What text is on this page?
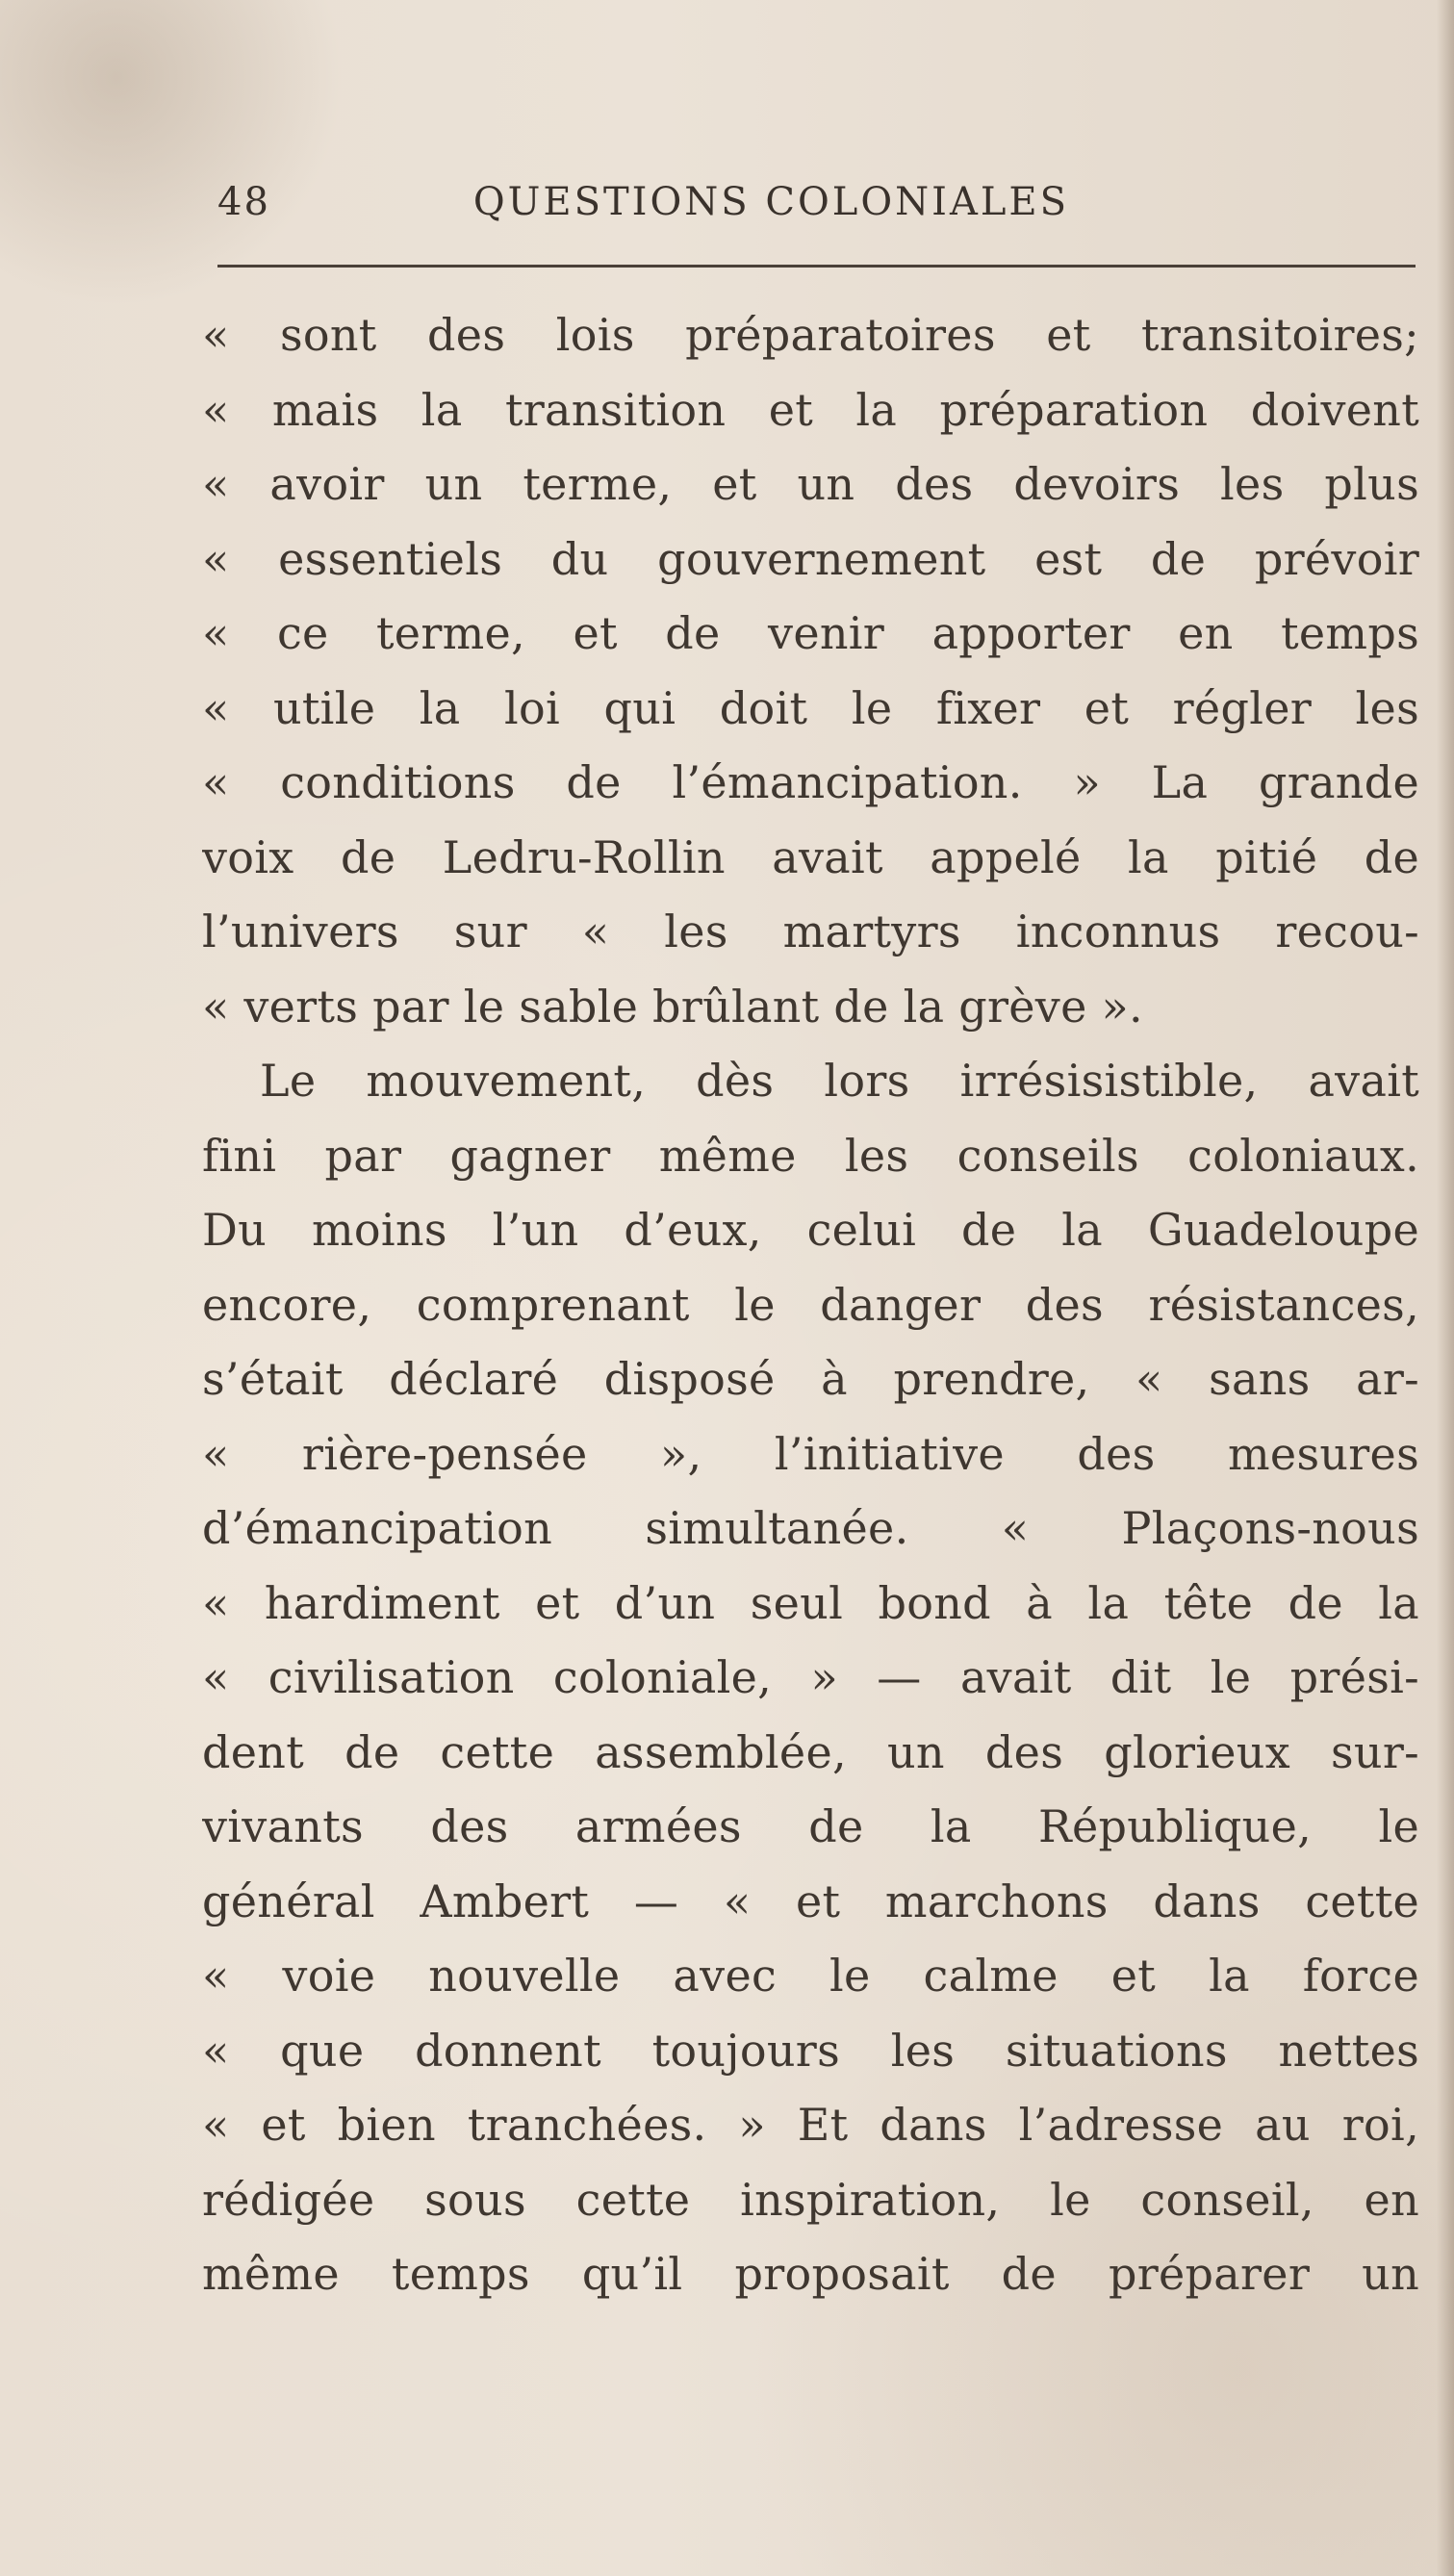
48	QUESTIONS COLONIALES
« sont des lois préparatoires et transitoires;
« mais la transition et la préparation doivent
« avoir un terme, et un des devoirs les plus
« essentiels du gouvernement est de prévoir
« ce terme, et de venir apporter en temps
« utile la loi qui doit le fixer et régler les
« conditions de l’émancipation. » La grande
voix de Ledru-Rollin avait appelé la pitié de
l’univers sur « les martyrs inconnus recou-
« verts par le sable brûlant de la grève ».
Le mouvement, dès lors irrésisistible, avait
fini par gagner même les conseils coloniaux.
Du moins l’un d’eux, celui de la Guadeloupe
encore, comprenant le danger des résistances,
s’était déclaré disposé à prendre, « sans ar-
« rière-pensée », l’initiative des mesures
d’émancipation simultanée. « Plaçons-nous
« hardiment et d’un seul bond à la tête de la
« civilisation coloniale, » — avait dit le prési-
dent de cette assemblée, un des glorieux sur-
vivants des armées de la République, le
général Ambert — « et marchons dans cette
« voie nouvelle avec le calme et la force
« que donnent toujours les situations nettes
« et bien tranchées. » Et dans l’adresse au roi,
rédigée sous cette inspiration, le conseil, en
même temps qu’il proposait de préparer un
